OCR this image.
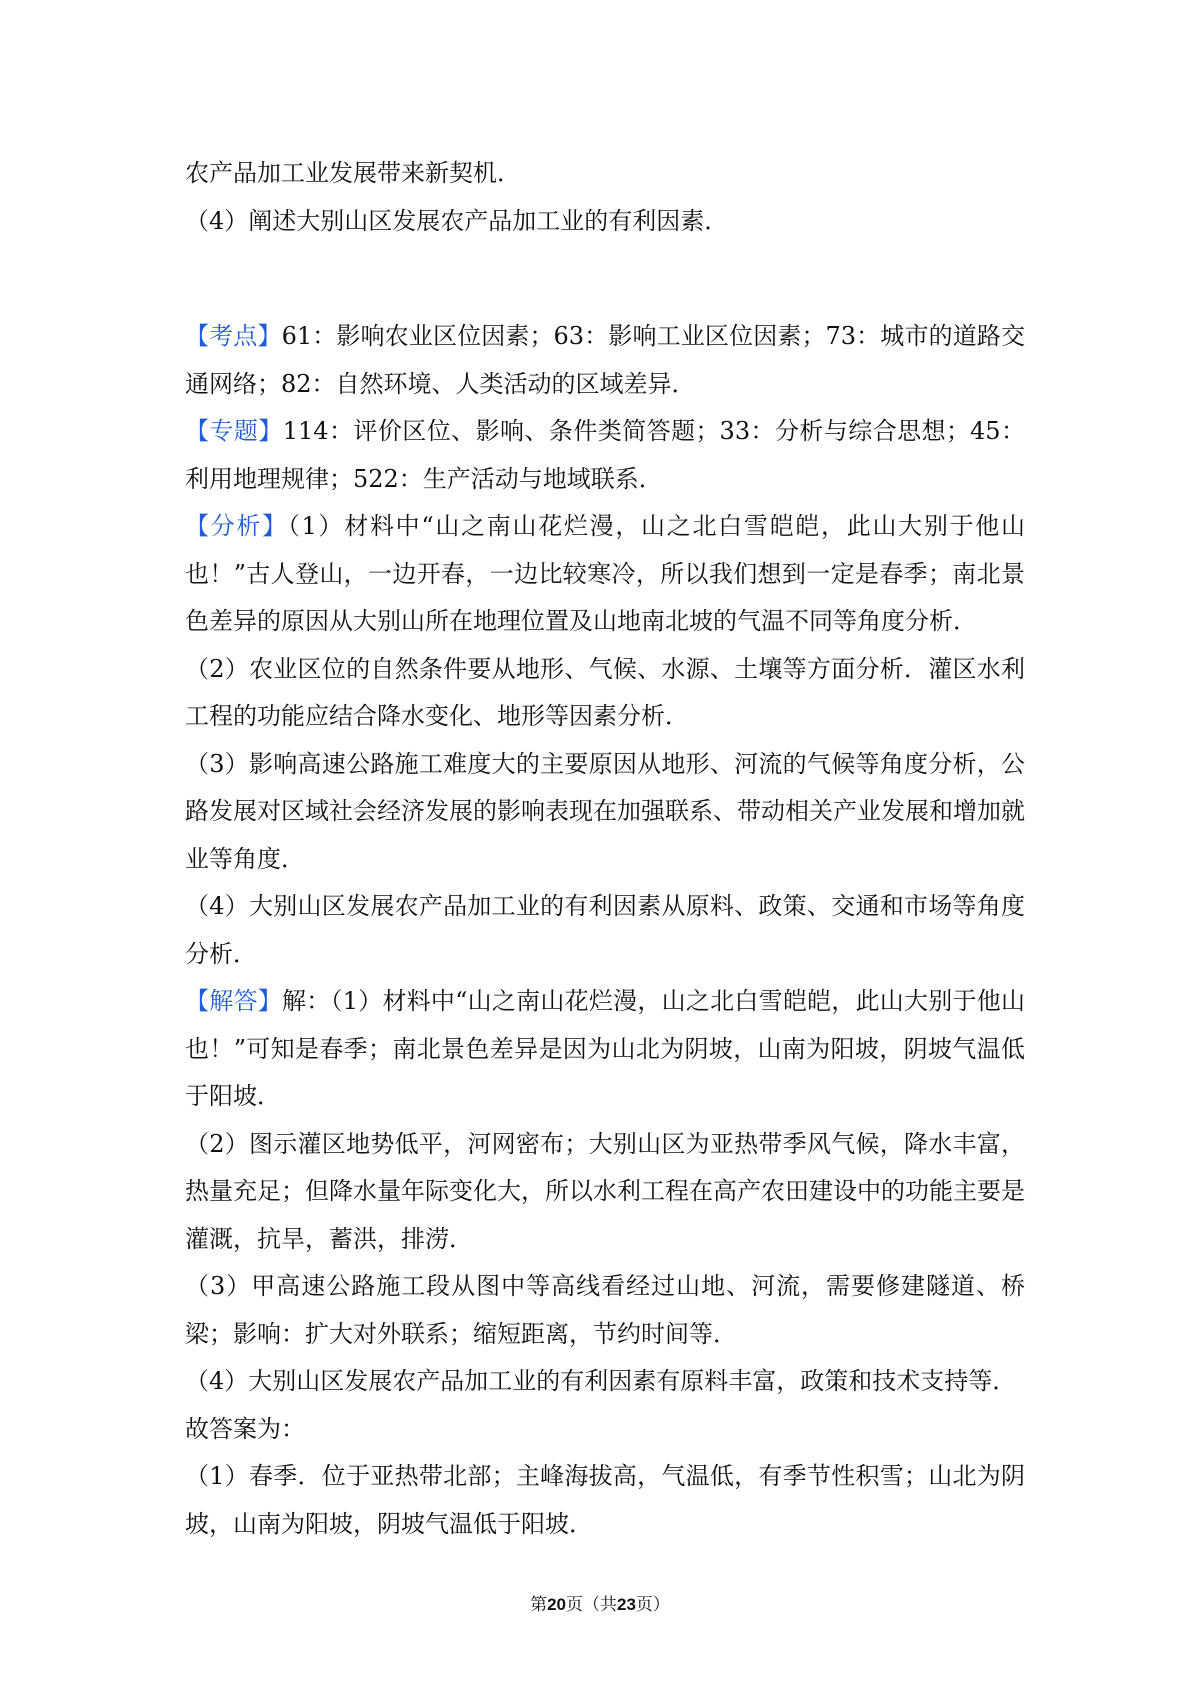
农产品加工业发展带来新契机．

（4）阐述大别山区发展农产品加工业的有利因素．

【考点】61：影响农业区位因素；63：影响工业区位因素；73：城市的道路交通网络；82：自然环境、人类活动的区域差异．

【专题】114：评价区位、影响、条件类简答题；33：分析与综合思想；45：利用地理规律；522：生产活动与地域联系．

【分析】（1）材料中“山之南山花烂漫，山之北白雪皑皑，此山大别于他山也！”古人登山，一边开春，一边比较寒冷，所以我们想到一定是春季；南北景色差异的原因从大别山所在地理位置及山地南北坡的气温不同等角度分析．

（2）农业区位的自然条件要从地形、气候、水源、土壤等方面分析．灌区水利工程的功能应结合降水变化、地形等因素分析．

（3）影响高速公路施工难度大的主要原因从地形、河流的气候等角度分析，公路发展对区域社会经济发展的影响表现在加强联系、带动相关产业发展和增加就业等角度．

（4）大别山区发展农产品加工业的有利因素从原料、政策、交通和市场等角度分析．

【解答】解：（1）材料中“山之南山花烂漫，山之北白雪皑皑，此山大别于他山也！”可知是春季；南北景色差异是因为山北为阴坡，山南为阳坡，阴坡气温低于阳坡．

（2）图示灌区地势低平，河网密布；大别山区为亚热带季风气候，降水丰富，热量充足；但降水量年际变化大，所以水利工程在高产农田建设中的功能主要是灌溉，抗旱，蓄洪，排涝．

（3）甲高速公路施工段从图中等高线看经过山地、河流，需要修建隧道、桥梁；影响：扩大对外联系；缩短距离，节约时间等．

（4）大别山区发展农产品加工业的有利因素有原料丰富，政策和技术支持等．

故答案为：

（1）春季．位于亚热带北部；主峰海拔高，气温低，有季节性积雪；山北为阴坡，山南为阳坡，阴坡气温低于阳坡．

第20页（共23页）
